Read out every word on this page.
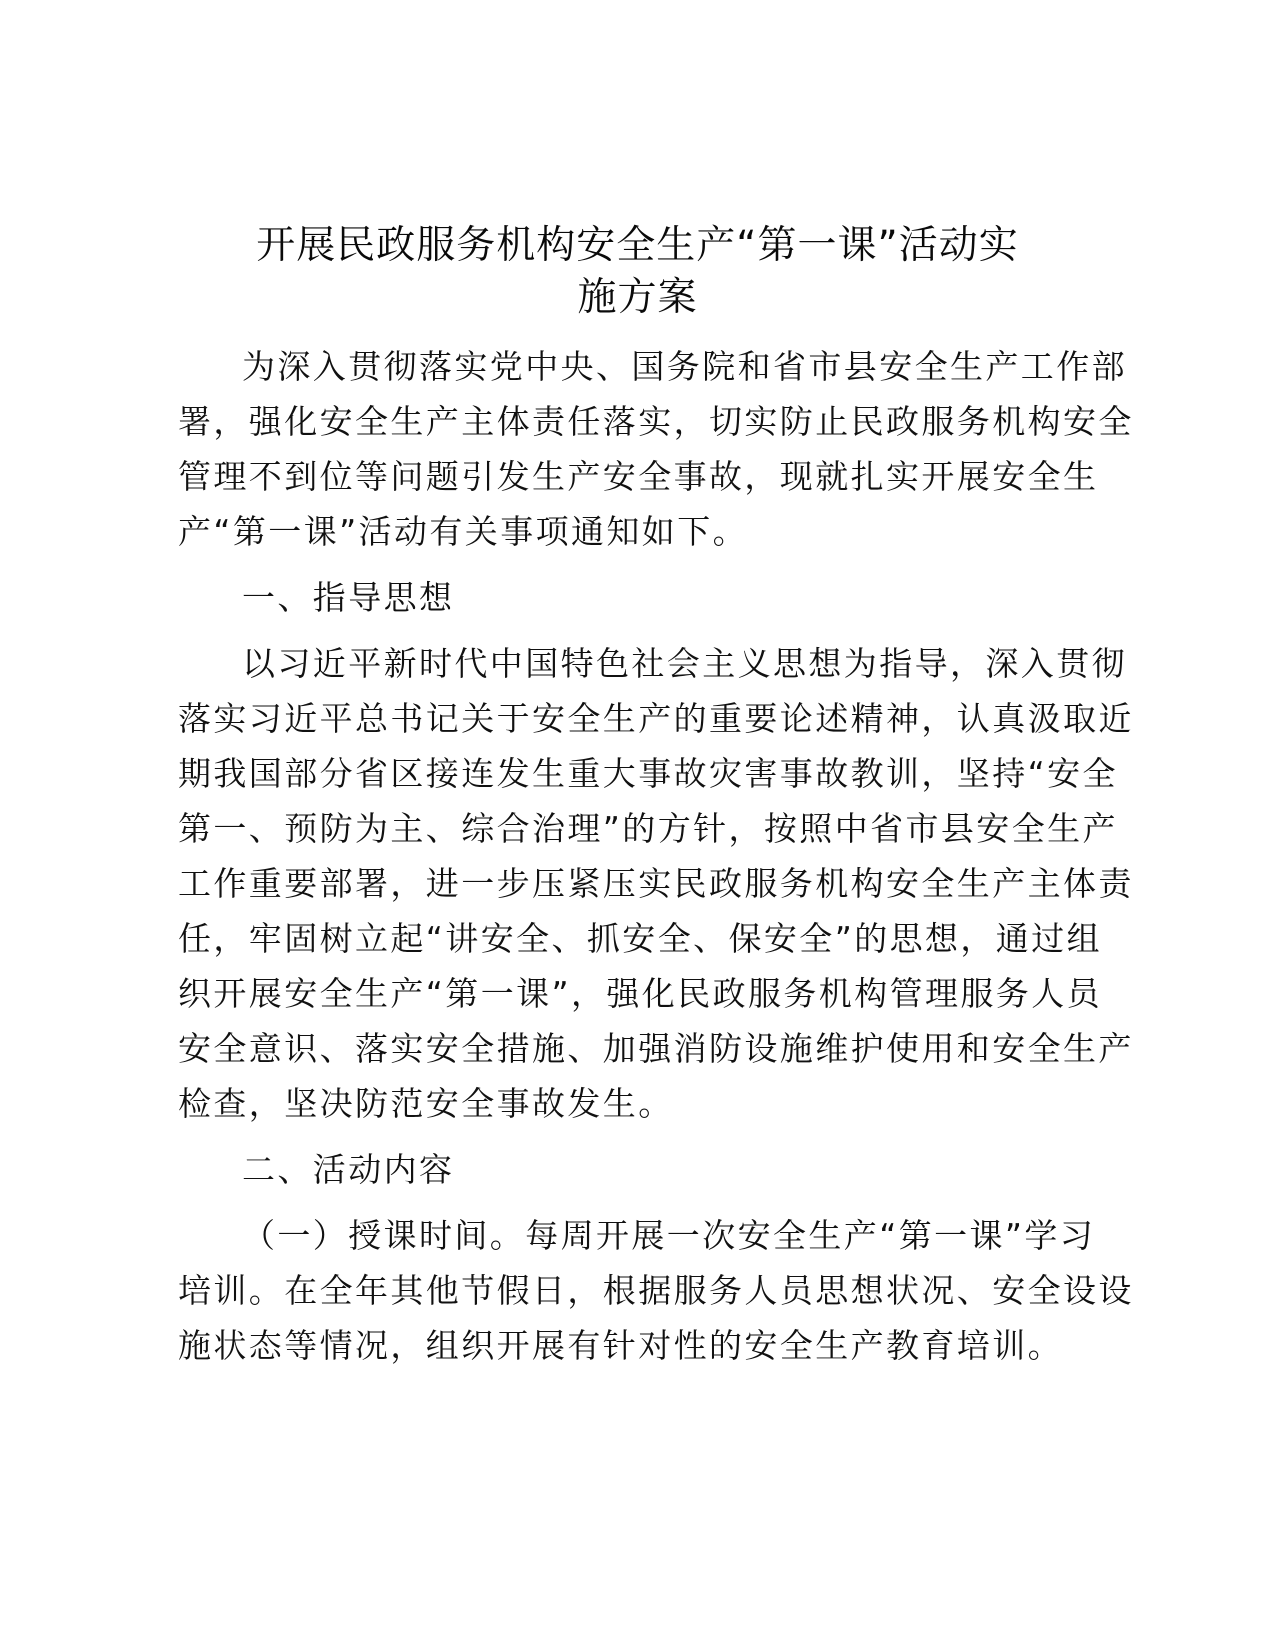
开展民政服务机构安全生产“第一课”活动实
施方案
为深入贯彻落实党中央、国务院和省市县安全生产工作部
署，强化安全生产主体责任落实，切实防止民政服务机构安全
管理不到位等问题引发生产安全事故，现就扎实开展安全生
产“第一课”活动有关事项通知如下。
一、指导思想
以习近平新时代中国特色社会主义思想为指导，深入贯彻
落实习近平总书记关于安全生产的重要论述精神，认真汲取近
期我国部分省区接连发生重大事故灾害事故教训，坚持“安全
第一、预防为主、综合治理”的方针，按照中省市县安全生产
工作重要部署，进一步压紧压实民政服务机构安全生产主体责
任，牢固树立起“讲安全、抓安全、保安全”的思想，通过组
织开展安全生产“第一课”，强化民政服务机构管理服务人员
安全意识、落实安全措施、加强消防设施维护使用和安全生产
检查，坚决防范安全事故发生。
二、活动内容
（一）授课时间。每周开展一次安全生产“第一课”学习
培训。在全年其他节假日，根据服务人员思想状况、安全设设
施状态等情况，组织开展有针对性的安全生产教育培训。
